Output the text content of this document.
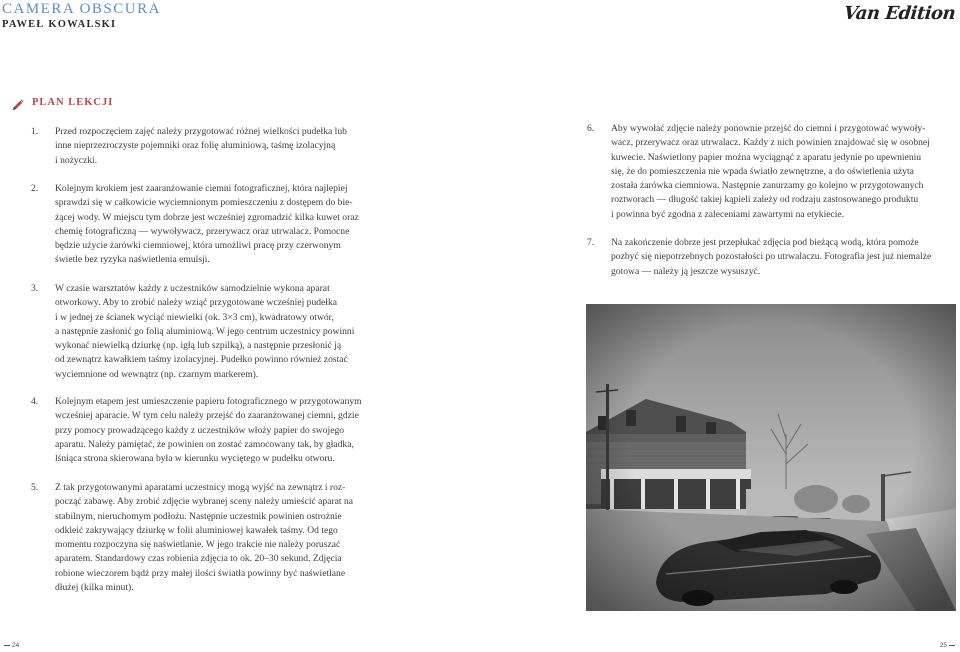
CAMERA OBSCURA
PAWEŁ KOWALSKI
Van Edition
PLAN LEKCJI
1.	Przed rozpoczęciem zajęć należy przygotować różnej wielkości pudełka lub
inne nieprzezroczyste pojemniki oraz folię aluminiową, taśmę izolacyjną
i nożyczki.
2.	Kolejnym krokiem jest zaaranżowanie ciemni fotograficznej, która najlepiej
sprawdzi się w całkowicie wyciemnionym pomieszczeniu z dostępem do bie-
żącej wody. W miejscu tym dobrze jest wcześniej zgromadzić kilka kuwet oraz
chemię fotograficzną — wywoływacz, przerywacz oraz utrwalacz. Pomocne
będzie użycie żarówki ciemniowej, która umożliwi pracę przy czerwonym
świetle bez ryzyka naświetlenia emulsji.
3.	W czasie warsztatów każdy z uczestników samodzielnie wykona aparat
otworkowy. Aby to zrobić należy wziąć przygotowane wcześniej pudełka
i w jednej ze ścianek wyciąć niewielki (ok. 3×3 cm), kwadratowy otwór,
a następnie zasłonić go folią aluminiową. W jego centrum uczestnicy powinni
wykonać niewielką dziurkę (np. igłą lub szpilką), a następnie przesłonić ją
od zewnątrz kawałkiem taśmy izolacyjnej. Pudełko powinno również zostać
wyciemnione od wewnątrz (np. czarnym markerem).
4.	Kolejnym etapem jest umieszczenie papieru fotograficznego w przygotowanym
wcześniej aparacie. W tym celu należy przejść do zaaranżowanej ciemni, gdzie
przy pomocy prowadzącego każdy z uczestników włoży papier do swojego
aparatu. Należy pamiętać, że powinien on zostać zamocowany tak, by gładka,
lśniąca strona skierowana była w kierunku wyciętego w pudełku otworu.
5.	Z tak przygotowanymi aparatami uczestnicy mogą wyjść na zewnątrz i roz-
począć zabawę. Aby zrobić zdjęcie wybranej sceny należy umieścić aparat na
stabilnym, nieruchomym podłożu. Następnie uczestnik powinien ostrożnie
odkleić zakrywający dziurkę w folii aluminiowej kawałek taśmy. Od tego
momentu rozpoczyna się naświetlanie. W jego trakcie nie należy poruszać
aparatem. Standardowy czas robienia zdjęcia to ok. 20–30 sekund. Zdjęcia
robione wieczorem bądź przy małej ilości światła powinny być naświetlane
dłużej (kilka minut).
6.	Aby wywołać zdjęcie należy ponownie przejść do ciemni i przygotować wywoły-
wacz, przerywacz oraz utrwalacz. Każdy z nich powinien znajdować się w osobnej
kuwecie. Naświetlony papier można wyciągnąć z aparatu jedynie po upewnieniu
się, że do pomieszczenia nie wpada światło zewnętrzne, a do oświetlenia użyta
została żarówka ciemniowa. Następnie zanurzamy go kolejno w przygotowanych
roztworach — długość takiej kąpieli zależy od rodzaju zastosowanego produktu
i powinna być zgodna z zaleceniami zawartymi na etykiecie.
7.	Na zakończenie dobrze jest przepłukać zdjęcia pod bieżącą wodą, która pomoże
pozbyć się niepotrzebnych pozostałości po utrwalaczu. Fotografia jest już niemalże
gotowa — należy ją jeszcze wysuszyć.
24	25
